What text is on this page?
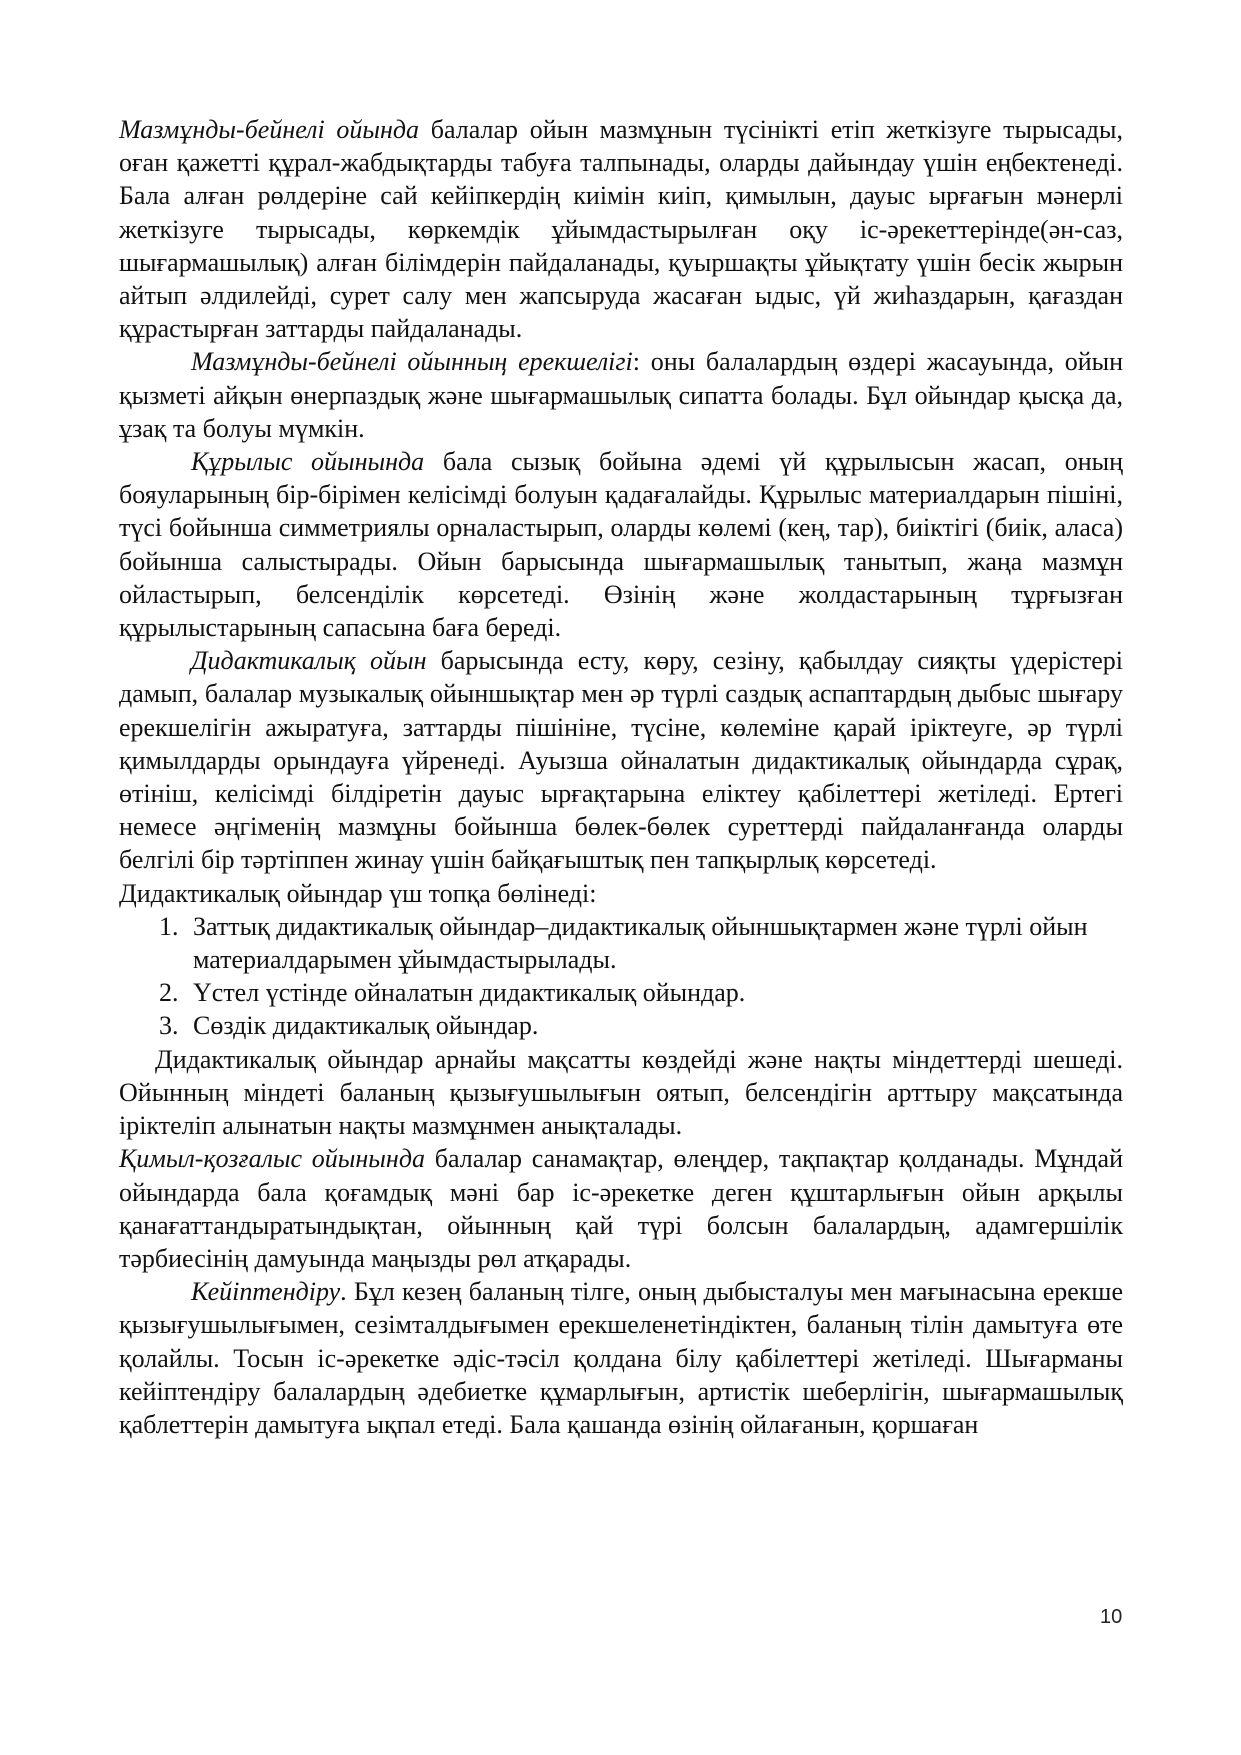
Мазмұнды-бейнелі ойында балалар ойын мазмұнын түсінікті етіп жеткізуге тырысады, оған қажетті құрал-жабдықтарды табуға талпынады, оларды дайындау үшін еңбектенеді. Бала алған рөлдеріне сай кейіпкердің киімін киіп, қимылын, дауыс ырғағын мәнерлі жеткізуге тырысады, көркемдік ұйымдастырылған оқу іс-әрекеттерінде(ән-саз, шығармашылық) алған білімдерін пайдаланады, қуыршақты ұйықтату үшін бесік жырын айтып әлдилейді, сурет салу мен жапсыруда жасаған ыдыс, үй жиһаздарын, қағаздан құрастырған заттарды пайдаланады.

Мазмұнды-бейнелі ойынның ерекшелігі: оны балалардың өздері жасауында, ойын қызметі айқын өнерпаздық және шығармашылық сипатта болады. Бұл ойындар қысқа да, ұзақ та болуы мүмкін.

Құрылыс ойынында бала сызық бойына әдемі үй құрылысын жасап, оның бояуларының бір-бірімен келісімді болуын қадағалайды. Құрылыс материалдарын пішіні, түсі бойынша симметриялы орналастырып, оларды көлемі (кең, тар), биіктігі (биік, аласа) бойынша салыстырады. Ойын барысында шығармашылық танытып, жаңа мазмұн ойластырып, белсенділік көрсетеді. Өзінің және жолдастарының тұрғызған құрылыстарының сапасына баға береді.

Дидактикалық ойын барысында есту, көру, сезіну, қабылдау сияқты үдерістері дамып, балалар музыкалық ойыншықтар мен әр түрлі саздық аспаптардың дыбыс шығару ерекшелігін ажыратуға, заттарды пішініне, түсіне, көлеміне қарай іріктеуге, әр түрлі қимылдарды орындауға үйренеді. Ауызша ойналатын дидактикалық ойындарда сұрақ, өтініш, келісімді білдіретін дауыс ырғақтарына еліктеу қабілеттері жетіледі. Ертегі немесе әңгіменің мазмұны бойынша бөлек-бөлек суреттерді пайдаланғанда оларды белгілі бір тәртіппен жинау үшін байқағыштық пен тапқырлық көрсетеді.

Дидактикалық ойындар үш топқа бөлінеді:

1. Заттық дидактикалық ойындар–дидактикалық ойыншықтармен және түрлі ойын материалдарымен ұйымдастырылады.
2. Үстел үстінде ойналатын дидактикалық ойындар.
3. Сөздік дидактикалық ойындар.

Дидактикалық ойындар арнайы мақсатты көздейді және нақты міндеттерді шешеді. Ойынның міндеті баланың қызығушылығын оятып, белсендігін арттыру мақсатында іріктеліп алынатын нақты мазмұнмен анықталады.

Қимыл-қозғалыс ойынында балалар санамақтар, өлеңдер, тақпақтар қолданады. Мұндай ойындарда бала қоғамдық мәні бар іс-әрекетке деген құштарлығын ойын арқылы қанағаттандыратындықтан, ойынның қай түрі болсын балалардың, адамгершілік тәрбиесінің дамуында маңызды рөл атқарады.

Кейіптендіру. Бұл кезең баланың тілге, оның дыбысталуы мен мағынасына ерекше қызығушылығымен, сезімталдығымен ерекшеленетіндіктен, баланың тілін дамытуға өте қолайлы. Тосын іс-әрекетке әдіс-тәсіл қолдана білу қабілеттері жетіледі. Шығарманы кейіптендіру балалардың әдебиетке құмарлығын, артистік шеберлігін, шығармашылық қаблеттерін дамытуға ықпал етеді. Бала қашанда өзінің ойлағанын, қоршаған

10
